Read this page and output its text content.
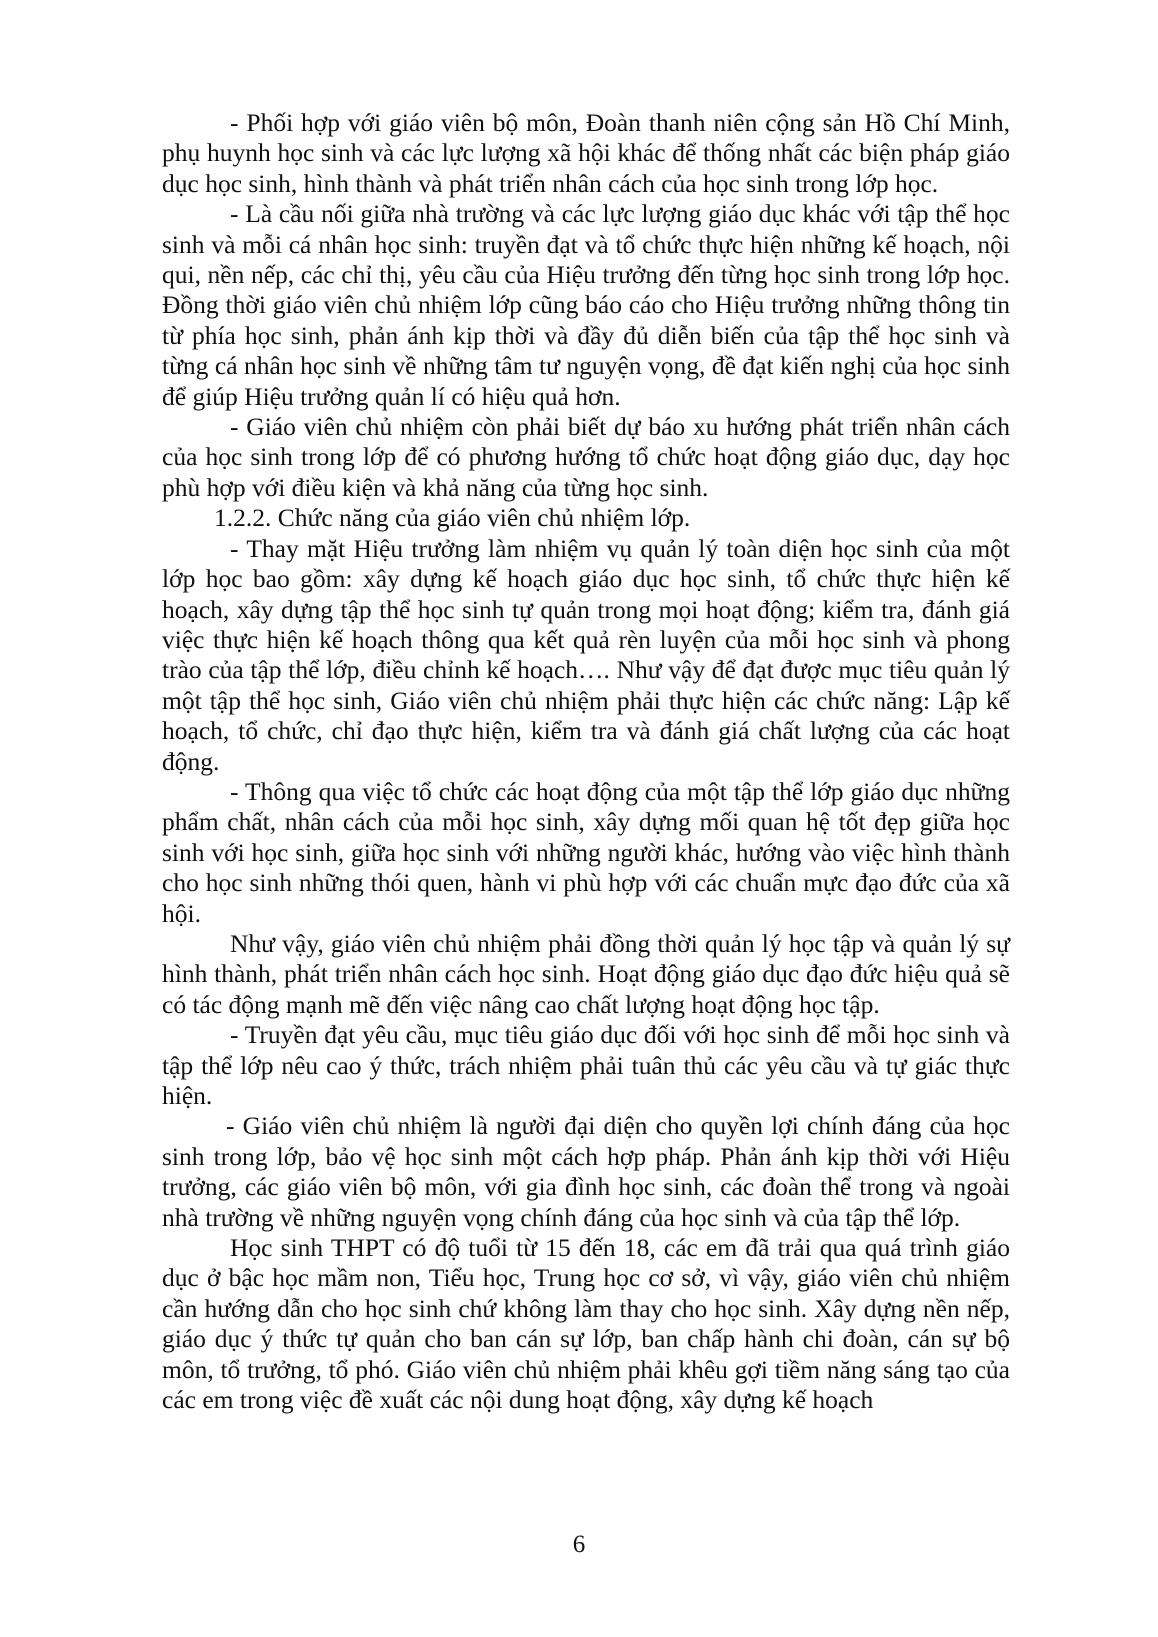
- Phối hợp với giáo viên bộ môn, Đoàn thanh niên cộng sản Hồ Chí Minh, phụ huynh học sinh và các lực lượng xã hội khác để thống nhất các biện pháp giáo dục học sinh, hình thành và phát triển nhân cách của học sinh trong lớp học.

- Là cầu nối giữa nhà trường và các lực lượng giáo dục khác với tập thể học sinh và mỗi cá nhân học sinh: truyền đạt và tổ chức thực hiện những kế hoạch, nội qui, nền nếp, các chỉ thị, yêu cầu của Hiệu trưởng đến từng học sinh trong lớp học. Đồng thời giáo viên chủ nhiệm lớp cũng báo cáo cho Hiệu trưởng những thông tin từ phía học sinh, phản ánh kịp thời và đầy đủ diễn biến của tập thể học sinh và từng cá nhân học sinh về những tâm tư nguyện vọng, đề đạt kiến nghị của học sinh để giúp Hiệu trưởng quản lí có hiệu quả hơn.

- Giáo viên chủ nhiệm còn phải biết dự báo xu hướng phát triển nhân cách của học sinh trong lớp để có phương hướng tổ chức hoạt động giáo dục, dạy học phù hợp với điều kiện và khả năng của từng học sinh.

1.2.2. Chức năng của giáo viên chủ nhiệm lớp.

- Thay mặt Hiệu trưởng làm nhiệm vụ quản lý toàn diện học sinh của một lớp học bao gồm: xây dựng kế hoạch giáo dục học sinh, tổ chức thực hiện kế hoạch, xây dựng tập thể học sinh tự quản trong mọi hoạt động; kiểm tra, đánh giá việc thực hiện kế hoạch thông qua kết quả rèn luyện của mỗi học sinh và phong trào của tập thể lớp, điều chỉnh kế hoạch…. Như vậy để đạt được mục tiêu quản lý một tập thể học sinh, Giáo viên chủ nhiệm phải thực hiện các chức năng: Lập kế hoạch, tổ chức, chỉ đạo thực hiện, kiểm tra và đánh giá chất lượng của các hoạt động.

- Thông qua việc tổ chức các hoạt động của một tập thể lớp giáo dục những phẩm chất, nhân cách của mỗi học sinh, xây dựng mối quan hệ tốt đẹp giữa học sinh với học sinh, giữa học sinh với những người khác, hướng vào việc hình thành cho học sinh những thói quen, hành vi phù hợp với các chuẩn mực đạo đức của xã hội.

Như vậy, giáo viên chủ nhiệm phải đồng thời quản lý học tập và quản lý sự hình thành, phát triển nhân cách học sinh. Hoạt động giáo dục đạo đức hiệu quả sẽ có tác động mạnh mẽ đến việc nâng cao chất lượng hoạt động học tập.

- Truyền đạt yêu cầu, mục tiêu giáo dục đối với học sinh để mỗi học sinh và tập thể lớp nêu cao ý thức, trách nhiệm phải tuân thủ các yêu cầu và tự giác thực hiện.

- Giáo viên chủ nhiệm là người đại diện cho quyền lợi chính đáng của học sinh trong lớp, bảo vệ học sinh một cách hợp pháp. Phản ánh kịp thời với Hiệu trưởng, các giáo viên bộ môn, với gia đình học sinh, các đoàn thể trong và ngoài nhà trường về những nguyện vọng chính đáng của học sinh và của tập thể lớp.

Học sinh THPT có độ tuổi từ 15 đến 18, các em đã trải qua quá trình giáo dục ở bậc học mầm non, Tiểu học, Trung học cơ sở, vì vậy, giáo viên chủ nhiệm cần hướng dẫn cho học sinh chứ không làm thay cho học sinh. Xây dựng nền nếp, giáo dục ý thức tự quản cho ban cán sự lớp, ban chấp hành chi đoàn, cán sự bộ môn, tổ trưởng, tổ phó. Giáo viên chủ nhiệm phải khêu gợi tiềm năng sáng tạo của các em trong việc đề xuất các nội dung hoạt động, xây dựng kế hoạch

6
